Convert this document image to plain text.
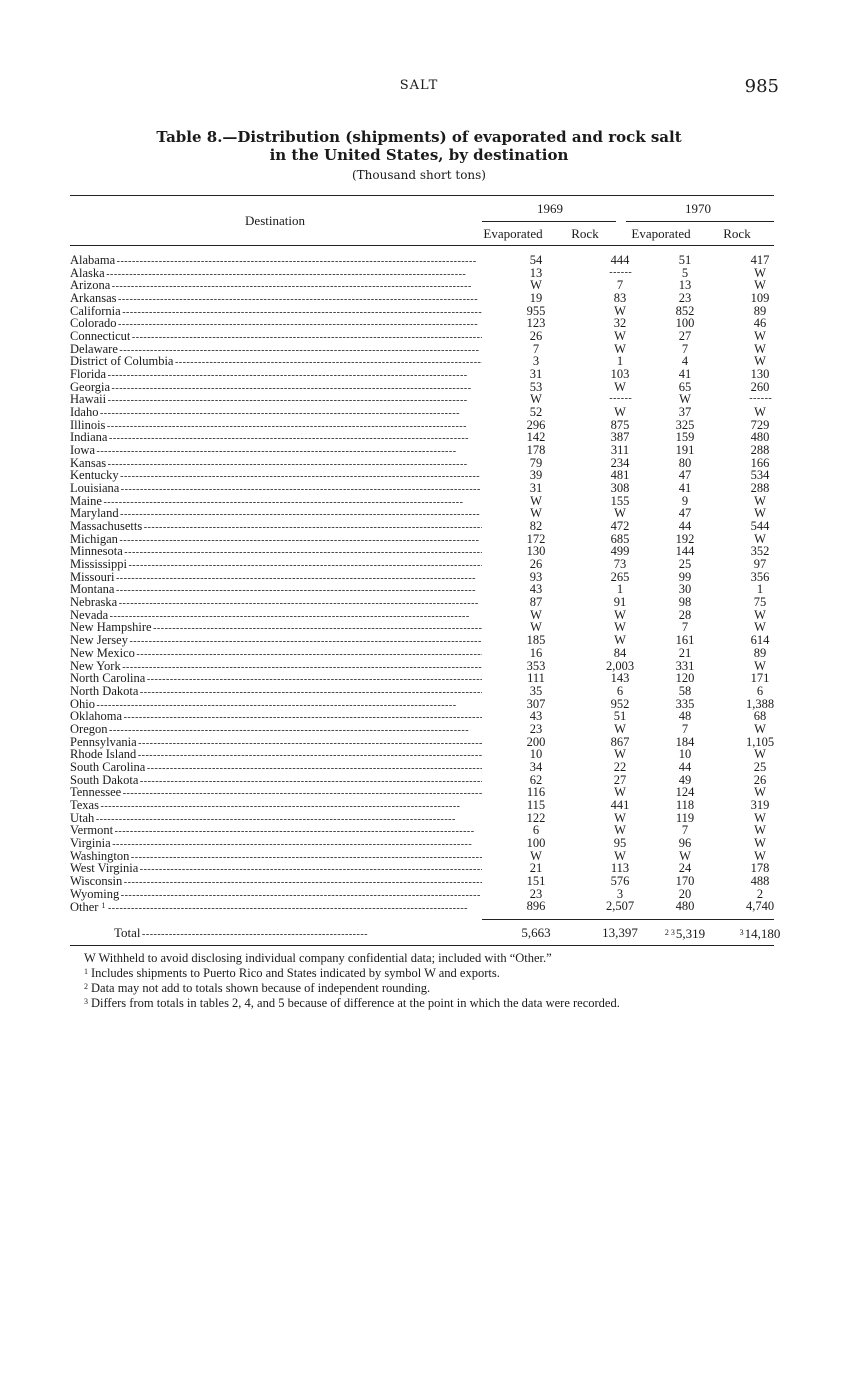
SALT	985
Table 8.—Distribution (shipments) of evaporated and rock salt
in the United States, by destination
(Thousand short tons)
Destination
1969	1970
Evaporated	Rock	Evaporated	Rock
Alabama - - -	54	444	51	417
Alaska - - -	13	- - - - - -	5	W
Arizona - - -	W	7	13	W
Arkansas - - -	19	83	23	109
California - - -	955	W	852	89
Colorado - - -	123	32	100	46
Connecticut - - -	26	W	27	W
Delaware - - -	7	W	7	W
District of Columbia - - -	3	1	4	W
Florida - - -	31	103	41	130
Georgia - - -	53	W	65	260
Hawaii - - -	W	- - - - - -	W	- - - - - -
Idaho - - -	52	W	37	W
Illinois - - -	296	875	325	729
Indiana - - -	142	387	159	480
Iowa - - -	178	311	191	288
Kansas - - -	79	234	80	166
Kentucky - - -	39	481	47	534
Louisiana - - -	31	308	41	288
Maine - - -	W	155	9	W
Maryland - - -	W	W	47	W
Massachusetts - - -	82	472	44	544
Michigan - - -	172	685	192	W
Minnesota - - -	130	499	144	352
Mississippi - - -	26	73	25	97
Missouri - - -	93	265	99	356
Montana - - -	43	1	30	1
Nebraska - - -	87	91	98	75
Nevada - - -	W	W	28	W
New Hampshire - - -	W	W	7	W
New Jersey - - -	185	W	161	614
New Mexico - - -	16	84	21	89
New York - - -	353	2,003	331	W
North Carolina - - -	111	143	120	171
North Dakota - - -	35	6	58	6
Ohio - - -	307	952	335	1,388
Oklahoma - - -	43	51	48	68
Oregon - - -	23	W	7	W
Pennsylvania - - -	200	867	184	1,105
Rhode Island - - -	10	W	10	W
South Carolina - - -	34	22	44	25
South Dakota - - -	62	27	49	26
Tennessee - - -	116	W	124	W
Texas - - -	115	441	118	319
Utah - - -	122	W	119	W
Vermont - - -	6	W	7	W
Virginia - - -	100	95	96	W
Washington - - -	W	W	W	W
West Virginia - - -	21	113	24	178
Wisconsin - - -	151	576	170	488
Wyoming - - -	23	3	20	2
Other $^1$ - - -	896	2,507	480	4,740
Total - - - - - - - - - - - - - - - - - - - - - - - - - - - - - - - - - - - - - - - - - - - - - - - - - - - - - - - - - - -	5,663	13,397	$^{2 3}$5,319	$^3$14,180
W Withheld to avoid disclosing individual company confidential data; included with “Other.”
$^1$ Includes shipments to Puerto Rico and States indicated by symbol W and exports.
$^2$ Data may not add to totals shown because of independent rounding.
$^3$ Differs from totals in tables 2, 4, and 5 because of difference at the point in which the data were recorded.
